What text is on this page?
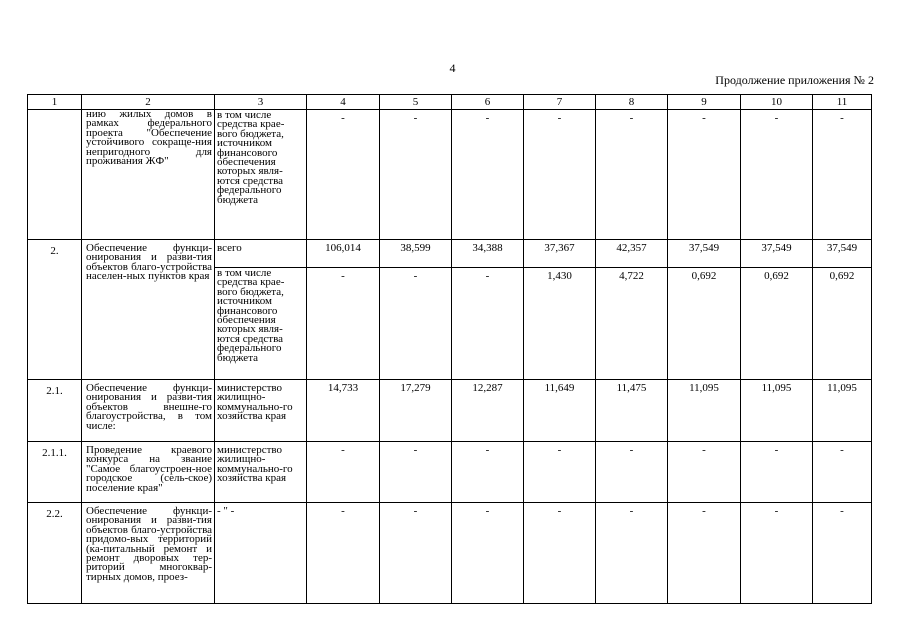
4
Продолжение приложения № 2
1	2	3	4	5	6	7	8	9	10	11
	нию жилых домов в рамках федерального проекта "Обеспечение устойчивого сокраще-ния непригодного для проживания ЖФ"	в том числе средства крае-вого бюджета, источником финансового обеспечения которых явля-ются средства федерального бюджета	-	-	-	-	-	-	-	-
2.	Обеспечение функци-онирования и разви-тия объектов благо-устройства населен-ных пунктов края	всего	106,014	38,599	34,388	37,367	42,357	37,549	37,549	37,549
		в том числе средства крае-вого бюджета, источником финансового обеспечения которых явля-ются средства федерального бюджета	-	-	-	1,430	4,722	0,692	0,692	0,692
2.1.	Обеспечение функци-онирования и разви-тия объектов внешне-го благоустройства, в том числе:	министерство жилищно-коммунально-го хозяйства края	14,733	17,279	12,287	11,649	11,475	11,095	11,095	11,095
2.1.1.	Проведение краевого конкурса на звание "Самое благоустроен-ное городское (сель-ское) поселение края"	министерство жилищно-коммунально-го хозяйства края	-	-	-	-	-	-	-	-
2.2.	Обеспечение функци-онирования и разви-тия объектов благо-устройства придомо-вых территорий (ка-питальный ремонт и ремонт дворовых тер-риторий многоквар-тирных домов, проез-	- " -	-	-	-	-	-	-	-	-
